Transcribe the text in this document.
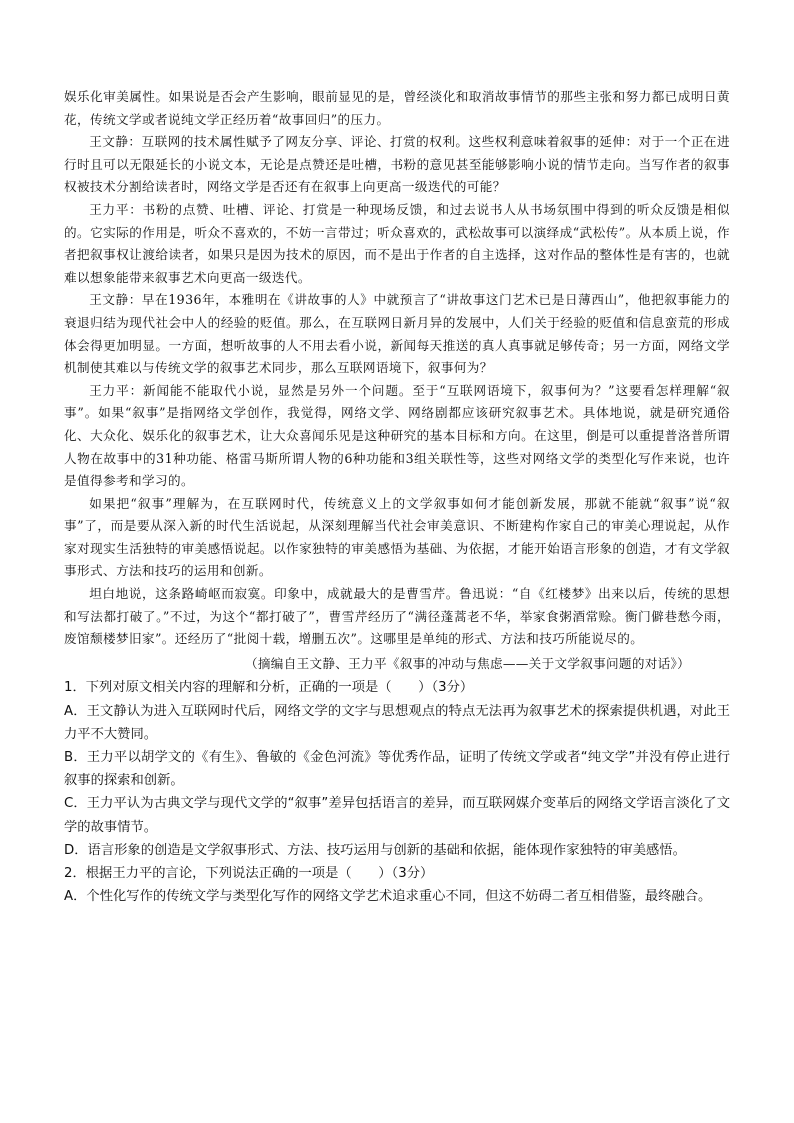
娱乐化审美属性。如果说是否会产生影响，眼前显见的是，曾经淡化和取消故事情节的那些主张和努力都已成明日黄花，传统文学或者说纯文学正经历着“故事回归”的压力。

王文静：互联网的技术属性赋予了网友分享、评论、打赏的权利。这些权利意味着叙事的延伸：对于一个正在进行时且可以无限延长的小说文本，无论是点赞还是吐槽，书粉的意见甚至能够影响小说的情节走向。当写作者的叙事权被技术分割给读者时，网络文学是否还有在叙事上向更高一级迭代的可能？

王力平：书粉的点赞、吐槽、评论、打赏是一种现场反馈，和过去说书人从书场氛围中得到的听众反馈是相似的。它实际的作用是，听众不喜欢的，不妨一言带过；听众喜欢的，武松故事可以演绎成“武松传”。从本质上说，作者把叙事权让渡给读者，如果只是因为技术的原因，而不是出于作者的自主选择，这对作品的整体性是有害的，也就难以想象能带来叙事艺术向更高一级迭代。

王文静：早在1936年，本雅明在《讲故事的人》中就预言了“讲故事这门艺术已是日薄西山”，他把叙事能力的衰退归结为现代社会中人的经验的贬值。那么，在互联网日新月异的发展中，人们关于经验的贬值和信息蛮荒的形成体会得更加明显。一方面，想听故事的人不用去看小说，新闻每天推送的真人真事就足够传奇；另一方面，网络文学机制使其难以与传统文学的叙事艺术同步，那么互联网语境下，叙事何为？

王力平：新闻能不能取代小说，显然是另外一个问题。至于“互联网语境下，叙事何为？”这要看怎样理解“叙事”。如果“叙事”是指网络文学创作，我觉得，网络文学、网络剧都应该研究叙事艺术。具体地说，就是研究通俗化、大众化、娱乐化的叙事艺术，让大众喜闻乐见是这种研究的基本目标和方向。在这里，倒是可以重提普洛普所谓人物在故事中的31种功能、格雷马斯所谓人物的6种功能和3组关联性等，这些对网络文学的类型化写作来说，也许是值得参考和学习的。

如果把“叙事”理解为，在互联网时代，传统意义上的文学叙事如何才能创新发展，那就不能就“叙事”说“叙事”了，而是要从深入新的时代生活说起，从深刻理解当代社会审美意识、不断建构作家自己的审美心理说起，从作家对现实生活独特的审美感悟说起。以作家独特的审美感悟为基础、为依据，才能开始语言形象的创造，才有文学叙事形式、方法和技巧的运用和创新。

坦白地说，这条路崎岖而寂寞。印象中，成就最大的是曹雪芹。鲁迅说：“自《红楼梦》出来以后，传统的思想和写法都打破了。”不过，为这个“都打破了”，曹雪芹经历了“满径蓬蒿老不华，举家食粥酒常赊。衡门僻巷愁今雨，废馆颓楼梦旧家”。还经历了“批阅十载，增删五次”。这哪里是单纯的形式、方法和技巧所能说尽的。

（摘编自王文静、王力平《叙事的冲动与焦虑——关于文学叙事问题的对话》）

1．下列对原文相关内容的理解和分析，正确的一项是（　　）（3分）

A．王文静认为进入互联网时代后，网络文学的文字与思想观点的特点无法再为叙事艺术的探索提供机遇，对此王力平不大赞同。

B．王力平以胡学文的《有生》、鲁敏的《金色河流》等优秀作品，证明了传统文学或者“纯文学”并没有停止进行叙事的探索和创新。

C．王力平认为古典文学与现代文学的“叙事”差异包括语言的差异，而互联网媒介变革后的网络文学语言淡化了文学的故事情节。

D．语言形象的创造是文学叙事形式、方法、技巧运用与创新的基础和依据，能体现作家独特的审美感悟。

2．根据王力平的言论，下列说法正确的一项是（　　）（3分）

A．个性化写作的传统文学与类型化写作的网络文学艺术追求重心不同，但这不妨碍二者互相借鉴，最终融合。
